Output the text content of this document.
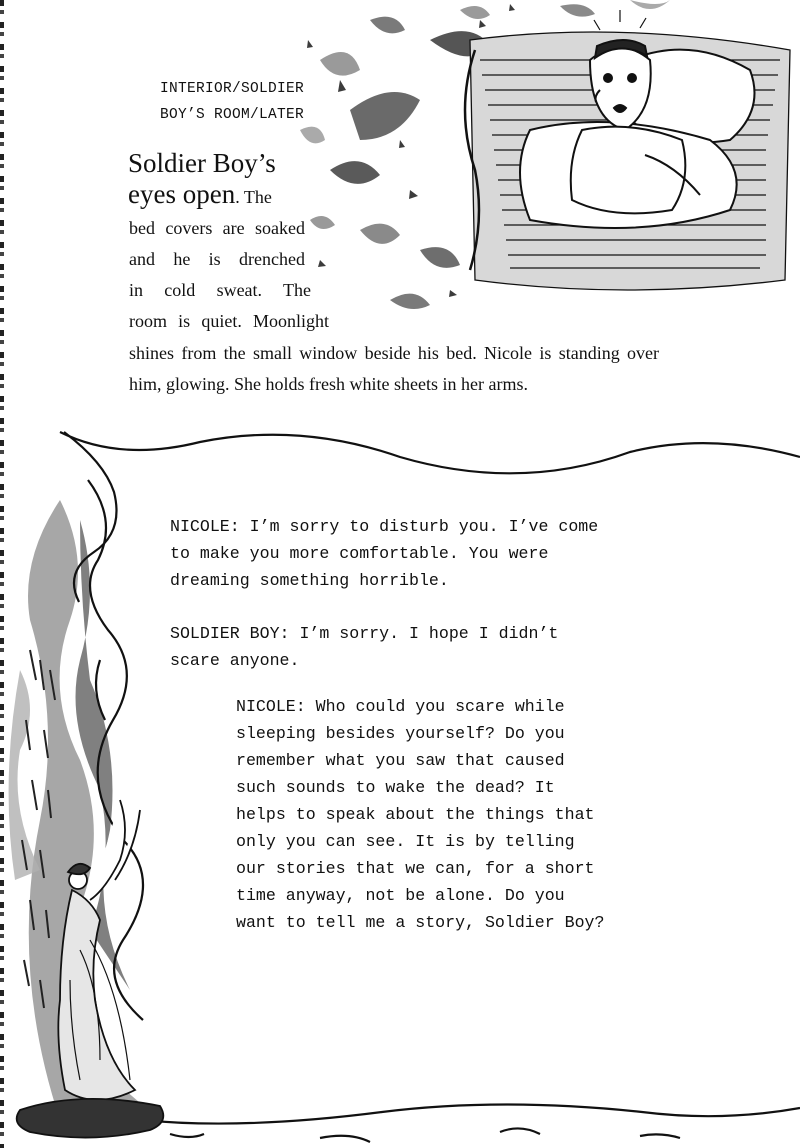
INTERIOR/SOLDIER
BOY’S ROOM/LATER
Soldier Boy’s
eyes open. The
bed covers are soaked
and he is drenched
in cold sweat. The
room is quiet. Moonlight
shines from the small window beside his bed. Nicole is standing over
him, glowing. She holds fresh white sheets in her arms.
NICOLE: I’m sorry to disturb you. I’ve come
to make you more comfortable. You were
dreaming something horrible.
SOLDIER BOY: I’m sorry. I hope I didn’t
scare anyone.
NICOLE: Who could you scare while
sleeping besides yourself? Do you
remember what you saw that caused
such sounds to wake the dead? It
helps to speak about the things that
only you can see. It is by telling
our stories that we can, for a short
time anyway, not be alone. Do you
want to tell me a story, Soldier Boy?
